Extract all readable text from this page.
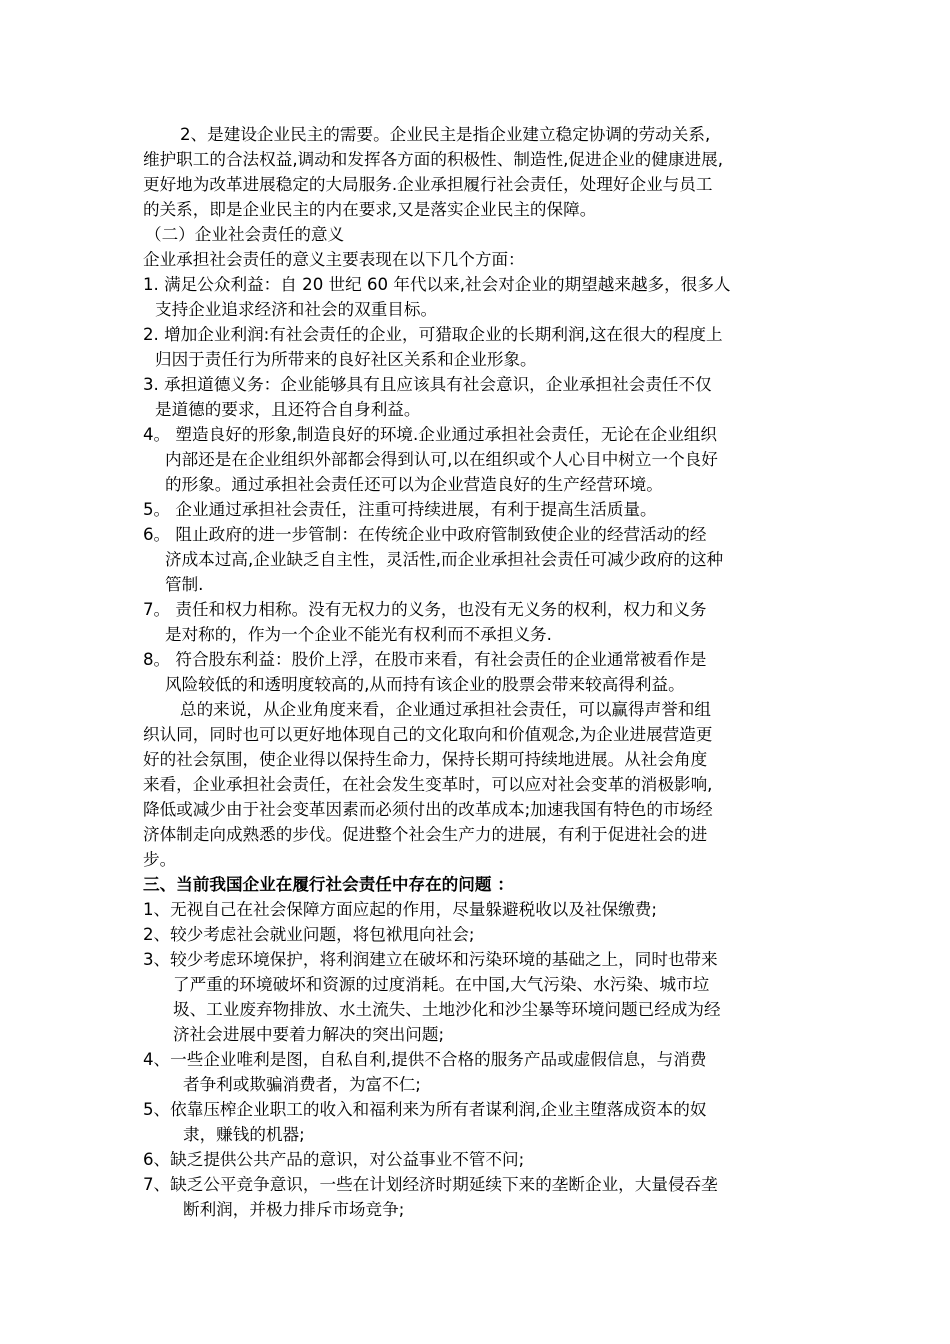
2、是建设企业民主的需要。企业民主是指企业建立稳定协调的劳动关系,

维护职工的合法权益,调动和发挥各方面的积极性、制造性,促进企业的健康进展,

更好地为改革进展稳定的大局服务.企业承担履行社会责任，处理好企业与员工

的关系，即是企业民主的内在要求,又是落实企业民主的保障。

（二）企业社会责任的意义

企业承担社会责任的意义主要表现在以下几个方面：

1. 满足公众利益：自 20 世纪 60 年代以来,社会对企业的期望越来越多，很多人

支持企业追求经济和社会的双重目标。

2. 增加企业利润:有社会责任的企业，可猎取企业的长期利润,这在很大的程度上

归因于责任行为所带来的良好社区关系和企业形象。

3. 承担道德义务：企业能够具有且应该具有社会意识，企业承担社会责任不仅

是道德的要求，且还符合自身利益。

4。 塑造良好的形象,制造良好的环境.企业通过承担社会责任，无论在企业组织

内部还是在企业组织外部都会得到认可,以在组织或个人心目中树立一个良好

的形象。通过承担社会责任还可以为企业营造良好的生产经营环境。

5。 企业通过承担社会责任，注重可持续进展，有利于提高生活质量。

6。 阻止政府的进一步管制：在传统企业中政府管制致使企业的经营活动的经

济成本过高,企业缺乏自主性，灵活性,而企业承担社会责任可减少政府的这种

管制.

7。 责任和权力相称。没有无权力的义务，也没有无义务的权利，权力和义务

是对称的，作为一个企业不能光有权利而不承担义务.

8。 符合股东利益：股价上浮，在股市来看，有社会责任的企业通常被看作是

风险较低的和透明度较高的,从而持有该企业的股票会带来较高得利益。

总的来说，从企业角度来看，企业通过承担社会责任，可以赢得声誉和组

织认同，同时也可以更好地体现自己的文化取向和价值观念,为企业进展营造更

好的社会氛围，使企业得以保持生命力，保持长期可持续地进展。从社会角度

来看，企业承担社会责任，在社会发生变革时，可以应对社会变革的消极影响,

降低或减少由于社会变革因素而必须付出的改革成本;加速我国有特色的市场经

济体制走向成熟悉的步伐。促进整个社会生产力的进展，有利于促进社会的进

步。

三、当前我国企业在履行社会责任中存在的问题 ：

1、无视自己在社会保障方面应起的作用，尽量躲避税收以及社保缴费;

2、较少考虑社会就业问题，将包袱甩向社会;

3、较少考虑环境保护，将利润建立在破坏和污染环境的基础之上，同时也带来

了严重的环境破坏和资源的过度消耗。在中国,大气污染、水污染、城市垃

圾、工业废弃物排放、水土流失、土地沙化和沙尘暴等环境问题已经成为经

济社会进展中要着力解决的突出问题;

4、一些企业唯利是图，自私自利,提供不合格的服务产品或虚假信息，与消费

者争利或欺骗消费者，为富不仁;

5、依靠压榨企业职工的收入和福利来为所有者谋利润,企业主堕落成资本的奴

隶，赚钱的机器;

6、缺乏提供公共产品的意识，对公益事业不管不问;

7、缺乏公平竞争意识，一些在计划经济时期延续下来的垄断企业，大量侵吞垄

断利润，并极力排斥市场竞争;
